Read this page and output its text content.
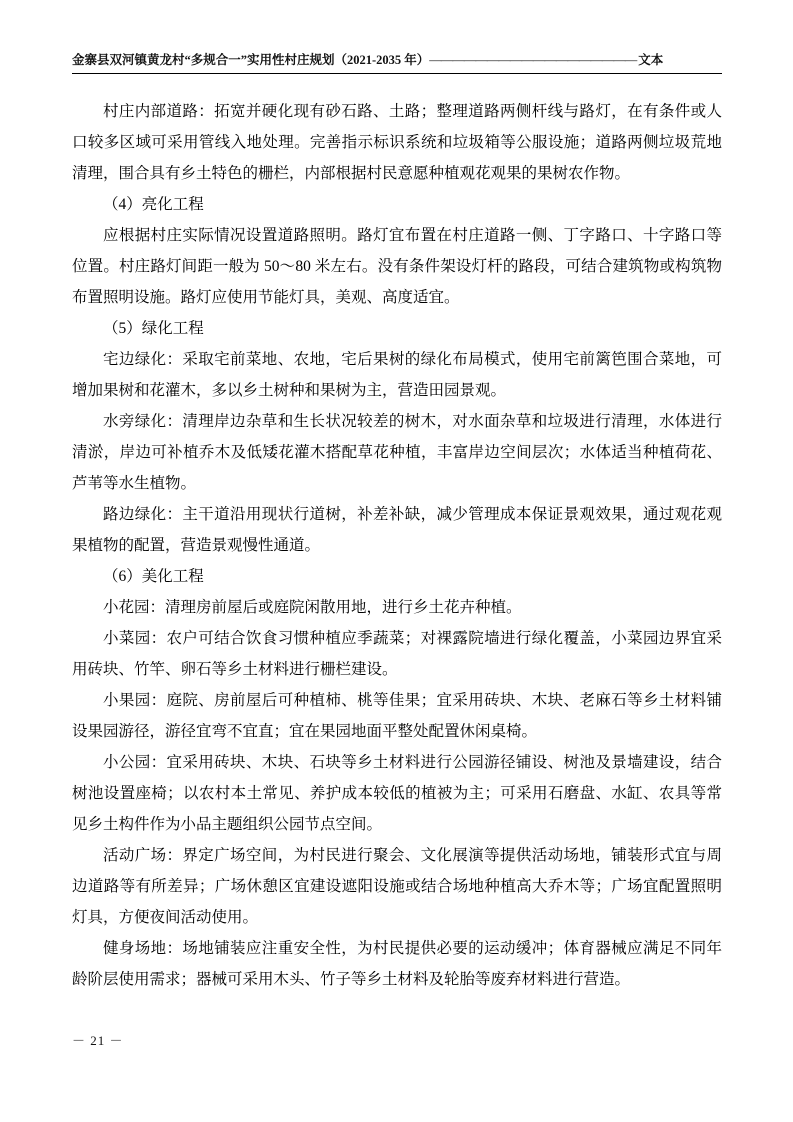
金寨县双河镇黄龙村“多规合一”实用性村庄规划（2021-2035 年） —————————————————— 文本

村庄内部道路：拓宽并硬化现有砂石路、土路；整理道路两侧杆线与路灯，在有条件或人口较多区域可采用管线入地处理。完善指示标识系统和垃圾箱等公服设施；道路两侧垃圾荒地清理，围合具有乡土特色的栅栏，内部根据村民意愿种植观花观果的果树农作物。

（4）亮化工程

应根据村庄实际情况设置道路照明。路灯宜布置在村庄道路一侧、丁字路口、十字路口等位置。村庄路灯间距一般为 50～80 米左右。没有条件架设灯杆的路段，可结合建筑物或构筑物布置照明设施。路灯应使用节能灯具，美观、高度适宜。

（5）绿化工程

宅边绿化：采取宅前菜地、农地，宅后果树的绿化布局模式，使用宅前篱笆围合菜地，可增加果树和花灌木，多以乡土树种和果树为主，营造田园景观。

水旁绿化：清理岸边杂草和生长状况较差的树木，对水面杂草和垃圾进行清理，水体进行清淤，岸边可补植乔木及低矮花灌木搭配草花种植，丰富岸边空间层次；水体适当种植荷花、芦苇等水生植物。

路边绿化：主干道沿用现状行道树，补差补缺，减少管理成本保证景观效果，通过观花观果植物的配置，营造景观慢性通道。

（6）美化工程

小花园：清理房前屋后或庭院闲散用地，进行乡土花卉种植。

小菜园：农户可结合饮食习惯种植应季蔬菜；对裸露院墙进行绿化覆盖，小菜园边界宜采用砖块、竹竿、卵石等乡土材料进行栅栏建设。

小果园：庭院、房前屋后可种植柿、桃等佳果；宜采用砖块、木块、老麻石等乡土材料铺设果园游径，游径宜弯不宜直；宜在果园地面平整处配置休闲桌椅。

小公园：宜采用砖块、木块、石块等乡土材料进行公园游径铺设、树池及景墙建设，结合树池设置座椅；以农村本土常见、养护成本较低的植被为主；可采用石磨盘、水缸、农具等常见乡土构件作为小品主题组织公园节点空间。

活动广场：界定广场空间，为村民进行聚会、文化展演等提供活动场地，铺装形式宜与周边道路等有所差异；广场休憩区宜建设遮阳设施或结合场地种植高大乔木等；广场宜配置照明灯具，方便夜间活动使用。

健身场地：场地铺装应注重安全性，为村民提供必要的运动缓冲；体育器械应满足不同年龄阶层使用需求；器械可采用木头、竹子等乡土材料及轮胎等废弃材料进行营造。

－ 21 －
